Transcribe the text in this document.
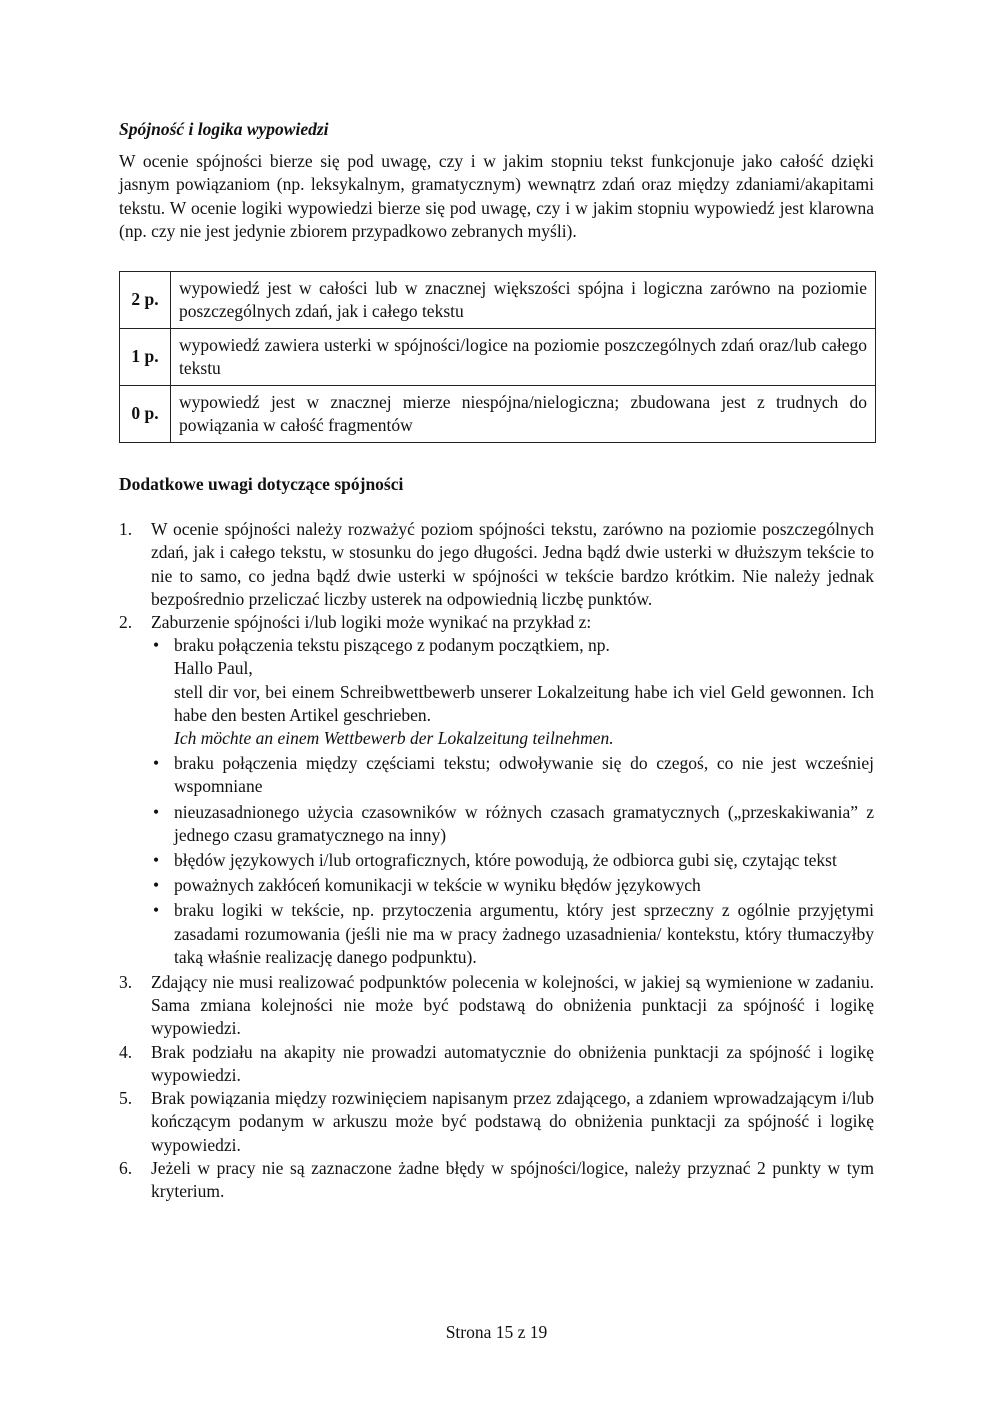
Spójność i logika wypowiedzi

W ocenie spójności bierze się pod uwagę, czy i w jakim stopniu tekst funkcjonuje jako całość dzięki jasnym powiązaniom (np. leksykalnym, gramatycznym) wewnątrz zdań oraz między zdaniami/akapitami tekstu. W ocenie logiki wypowiedzi bierze się pod uwagę, czy i w jakim stopniu wypowiedź jest klarowna (np. czy nie jest jedynie zbiorem przypadkowo zebranych myśli).

2 p.	wypowiedź jest w całości lub w znacznej większości spójna i logiczna zarówno na poziomie poszczególnych zdań, jak i całego tekstu
1 p.	wypowiedź zawiera usterki w spójności/logice na poziomie poszczególnych zdań oraz/lub całego tekstu
0 p.	wypowiedź jest w znacznej mierze niespójna/nielogiczna; zbudowana jest z trudnych do powiązania w całość fragmentów

Dodatkowe uwagi dotyczące spójności

1. W ocenie spójności należy rozważyć poziom spójności tekstu, zarówno na poziomie poszczególnych zdań, jak i całego tekstu, w stosunku do jego długości. Jedna bądź dwie usterki w dłuższym tekście to nie to samo, co jedna bądź dwie usterki w spójności w tekście bardzo krótkim. Nie należy jednak bezpośrednio przeliczać liczby usterek na odpowiednią liczbę punktów.
2. Zaburzenie spójności i/lub logiki może wynikać na przykład z:
• braku połączenia tekstu piszącego z podanym początkiem, np.
Hallo Paul,
stell dir vor, bei einem Schreibwettbewerb unserer Lokalzeitung habe ich viel Geld gewonnen. Ich habe den besten Artikel geschrieben.
Ich möchte an einem Wettbewerb der Lokalzeitung teilnehmen.
• braku połączenia między częściami tekstu; odwoływanie się do czegoś, co nie jest wcześniej wspomniane
• nieuzasadnionego użycia czasowników w różnych czasach gramatycznych („przeskakiwania” z jednego czasu gramatycznego na inny)
• błędów językowych i/lub ortograficznych, które powodują, że odbiorca gubi się, czytając tekst
• poważnych zakłóceń komunikacji w tekście w wyniku błędów językowych
• braku logiki w tekście, np. przytoczenia argumentu, który jest sprzeczny z ogólnie przyjętymi zasadami rozumowania (jeśli nie ma w pracy żadnego uzasadnienia/ kontekstu, który tłumaczyłby taką właśnie realizację danego podpunktu).
3. Zdający nie musi realizować podpunktów polecenia w kolejności, w jakiej są wymienione w zadaniu. Sama zmiana kolejności nie może być podstawą do obniżenia punktacji za spójność i logikę wypowiedzi.
4. Brak podziału na akapity nie prowadzi automatycznie do obniżenia punktacji za spójność i logikę wypowiedzi.
5. Brak powiązania między rozwinięciem napisanym przez zdającego, a zdaniem wprowadzającym i/lub kończącym podanym w arkuszu może być podstawą do obniżenia punktacji za spójność i logikę wypowiedzi.
6. Jeżeli w pracy nie są zaznaczone żadne błędy w spójności/logice, należy przyznać 2 punkty w tym kryterium.
Strona 15 z 19
